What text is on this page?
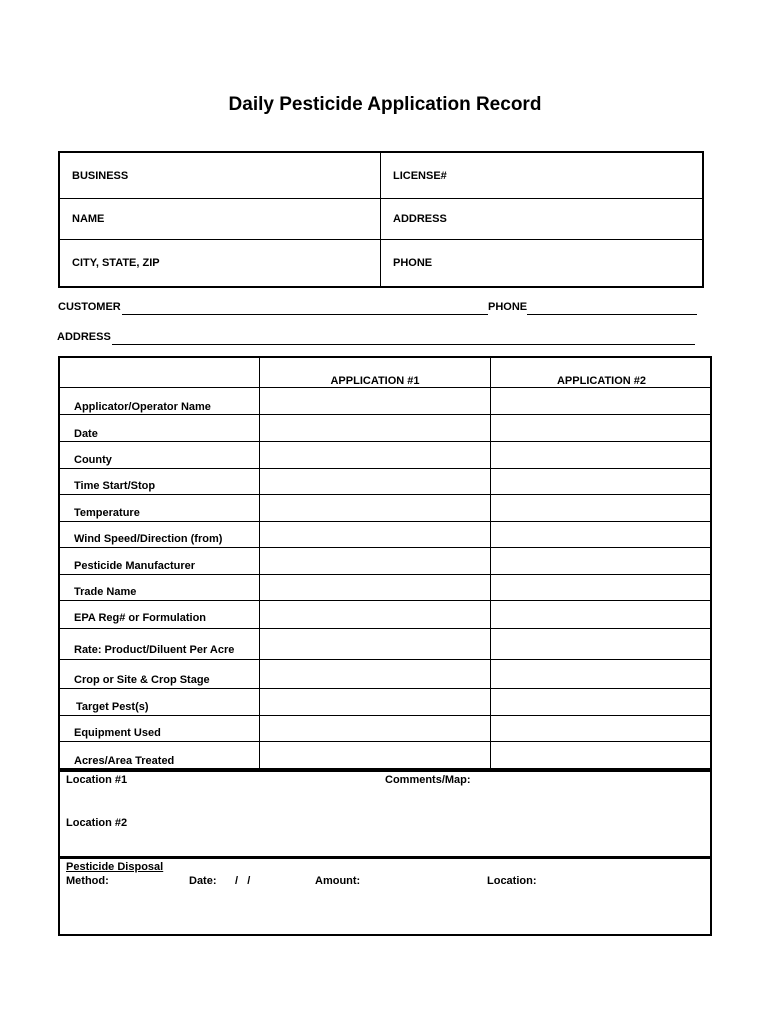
Daily Pesticide Application Record
BUSINESS	LICENSE#
NAME	ADDRESS
CITY, STATE, ZIP	PHONE
CUSTOMER	PHONE
ADDRESS
APPLICATION #1	APPLICATION #2
Applicator/Operator Name
Date
County
Time Start/Stop
Temperature
Wind Speed/Direction (from)
Pesticide Manufacturer
Trade Name
EPA Reg# or Formulation
Rate: Product/Diluent Per Acre
Crop or Site & Crop Stage
Target Pest(s)
Equipment Used
Acres/Area Treated
Location #1	Comments/Map:
Location #2
Pesticide Disposal
Method:	Date: /   /	Amount:	Location:
